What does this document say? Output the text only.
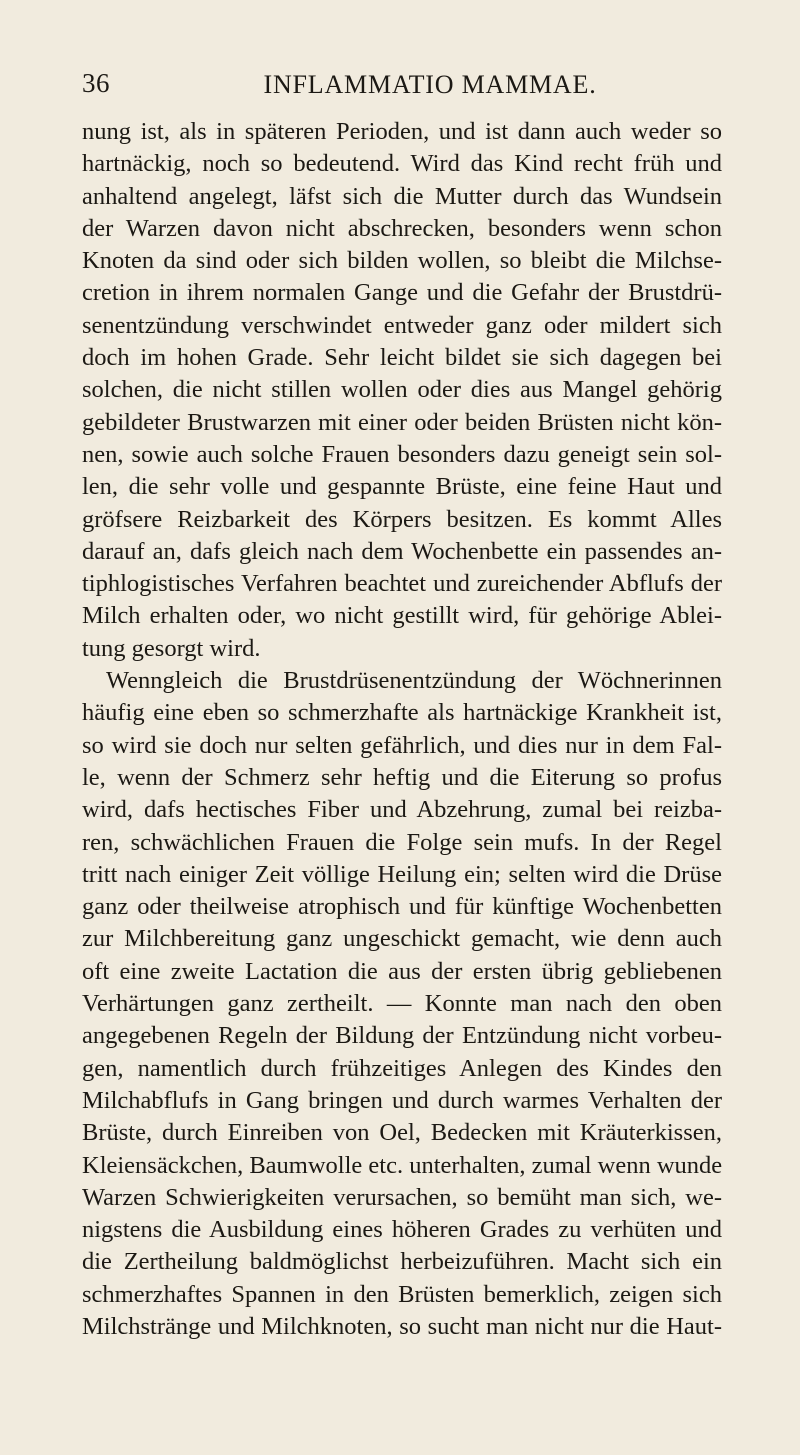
36	INFLAMMATIO MAMMAE.
nung ist, als in späteren Perioden, und ist dann auch weder so
hartnäckig, noch so bedeutend. Wird das Kind recht früh und
anhaltend angelegt, läfst sich die Mutter durch das Wundsein
der Warzen davon nicht abschrecken, besonders wenn schon
Knoten da sind oder sich bilden wollen, so bleibt die Milchse-
cretion in ihrem normalen Gange und die Gefahr der Brustdrü-
senentzündung verschwindet entweder ganz oder mildert sich
doch im hohen Grade. Sehr leicht bildet sie sich dagegen bei
solchen, die nicht stillen wollen oder dies aus Mangel gehörig
gebildeter Brustwarzen mit einer oder beiden Brüsten nicht kön-
nen, sowie auch solche Frauen besonders dazu geneigt sein sol-
len, die sehr volle und gespannte Brüste, eine feine Haut und
gröfsere Reizbarkeit des Körpers besitzen. Es kommt Alles
darauf an, dafs gleich nach dem Wochenbette ein passendes an-
tiphlogistisches Verfahren beachtet und zureichender Abflufs der
Milch erhalten oder, wo nicht gestillt wird, für gehörige Ablei-
tung gesorgt wird.
Wenngleich die Brustdrüsenentzündung der Wöchnerinnen
häufig eine eben so schmerzhafte als hartnäckige Krankheit ist,
so wird sie doch nur selten gefährlich, und dies nur in dem Fal-
le, wenn der Schmerz sehr heftig und die Eiterung so profus
wird, dafs hectisches Fiber und Abzehrung, zumal bei reizba-
ren, schwächlichen Frauen die Folge sein mufs. In der Regel
tritt nach einiger Zeit völlige Heilung ein; selten wird die Drüse
ganz oder theilweise atrophisch und für künftige Wochenbetten
zur Milchbereitung ganz ungeschickt gemacht, wie denn auch
oft eine zweite Lactation die aus der ersten übrig gebliebenen
Verhärtungen ganz zertheilt. — Konnte man nach den oben
angegebenen Regeln der Bildung der Entzündung nicht vorbeu-
gen, namentlich durch frühzeitiges Anlegen des Kindes den
Milchabflufs in Gang bringen und durch warmes Verhalten der
Brüste, durch Einreiben von Oel, Bedecken mit Kräuterkissen,
Kleiensäckchen, Baumwolle etc. unterhalten, zumal wenn wunde
Warzen Schwierigkeiten verursachen, so bemüht man sich, we-
nigstens die Ausbildung eines höheren Grades zu verhüten und
die Zertheilung baldmöglichst herbeizuführen. Macht sich ein
schmerzhaftes Spannen in den Brüsten bemerklich, zeigen sich
Milchstränge und Milchknoten, so sucht man nicht nur die Haut-
